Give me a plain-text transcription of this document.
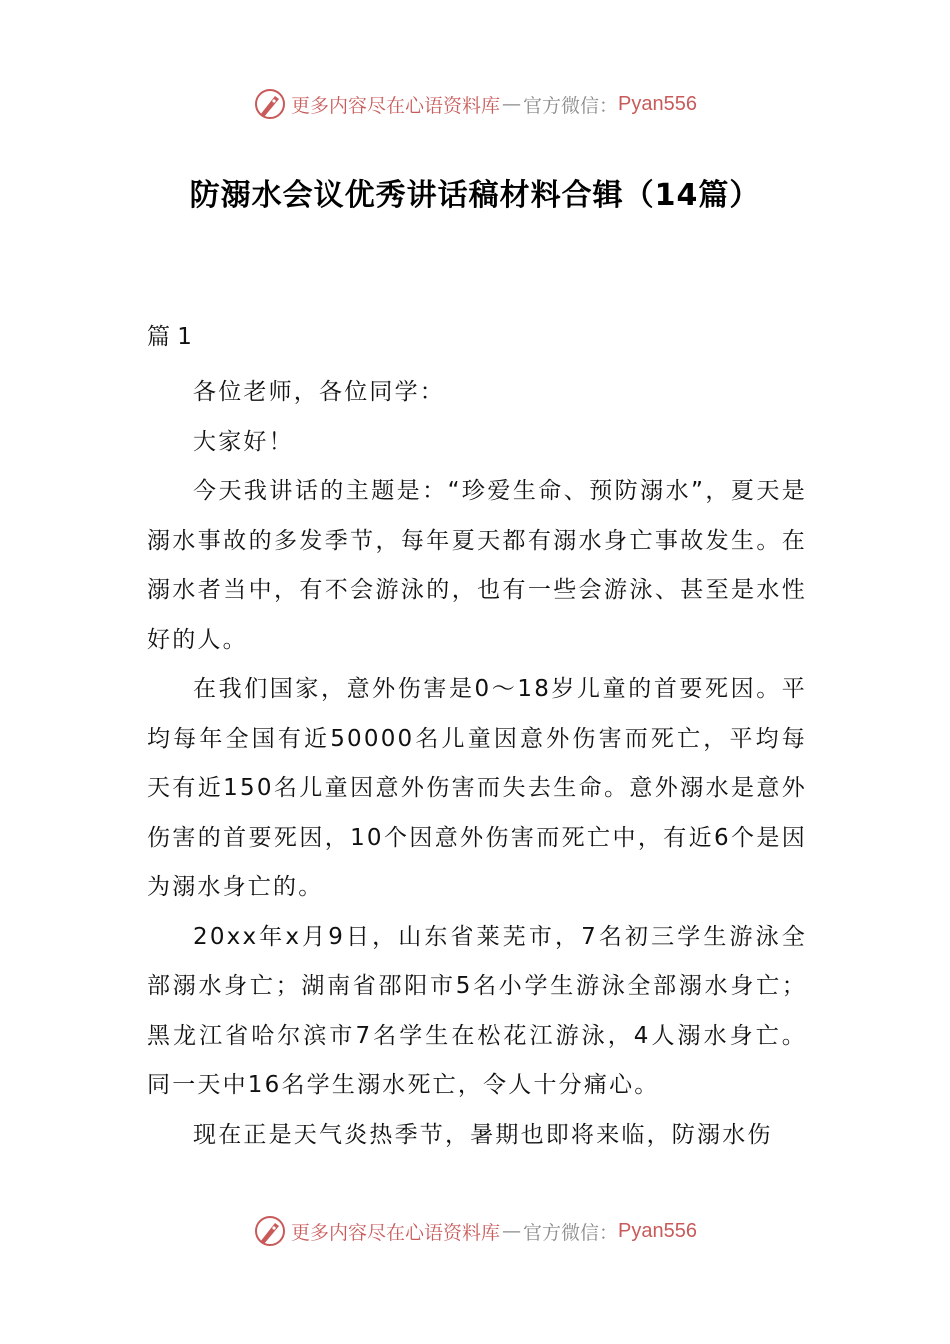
更多内容尽在心语资料库 — 官方微信： Pyan556
防溺水会议优秀讲话稿材料合辑（14篇）

篇 1

各位老师，各位同学：

大家好！

今天我讲话的主题是：“珍爱生命、预防溺水”，夏天是溺水事故的多发季节，每年夏天都有溺水身亡事故发生。在溺水者当中，有不会游泳的，也有一些会游泳、甚至是水性好的人。

在我们国家，意外伤害是0～18岁儿童的首要死因。平均每年全国有近50000名儿童因意外伤害而死亡，平均每天有近150名儿童因意外伤害而失去生命。意外溺水是意外伤害的首要死因，10个因意外伤害而死亡中，有近6个是因为溺水身亡的。

20xx年x月9日，山东省莱芜市，7名初三学生游泳全部溺水身亡；湖南省邵阳市5名小学生游泳全部溺水身亡；黑龙江省哈尔滨市7名学生在松花江游泳，4人溺水身亡。同一天中16名学生溺水死亡，令人十分痛心。

现在正是天气炎热季节，暑期也即将来临，防溺水伤

更多内容尽在心语资料库 — 官方微信： Pyan556
